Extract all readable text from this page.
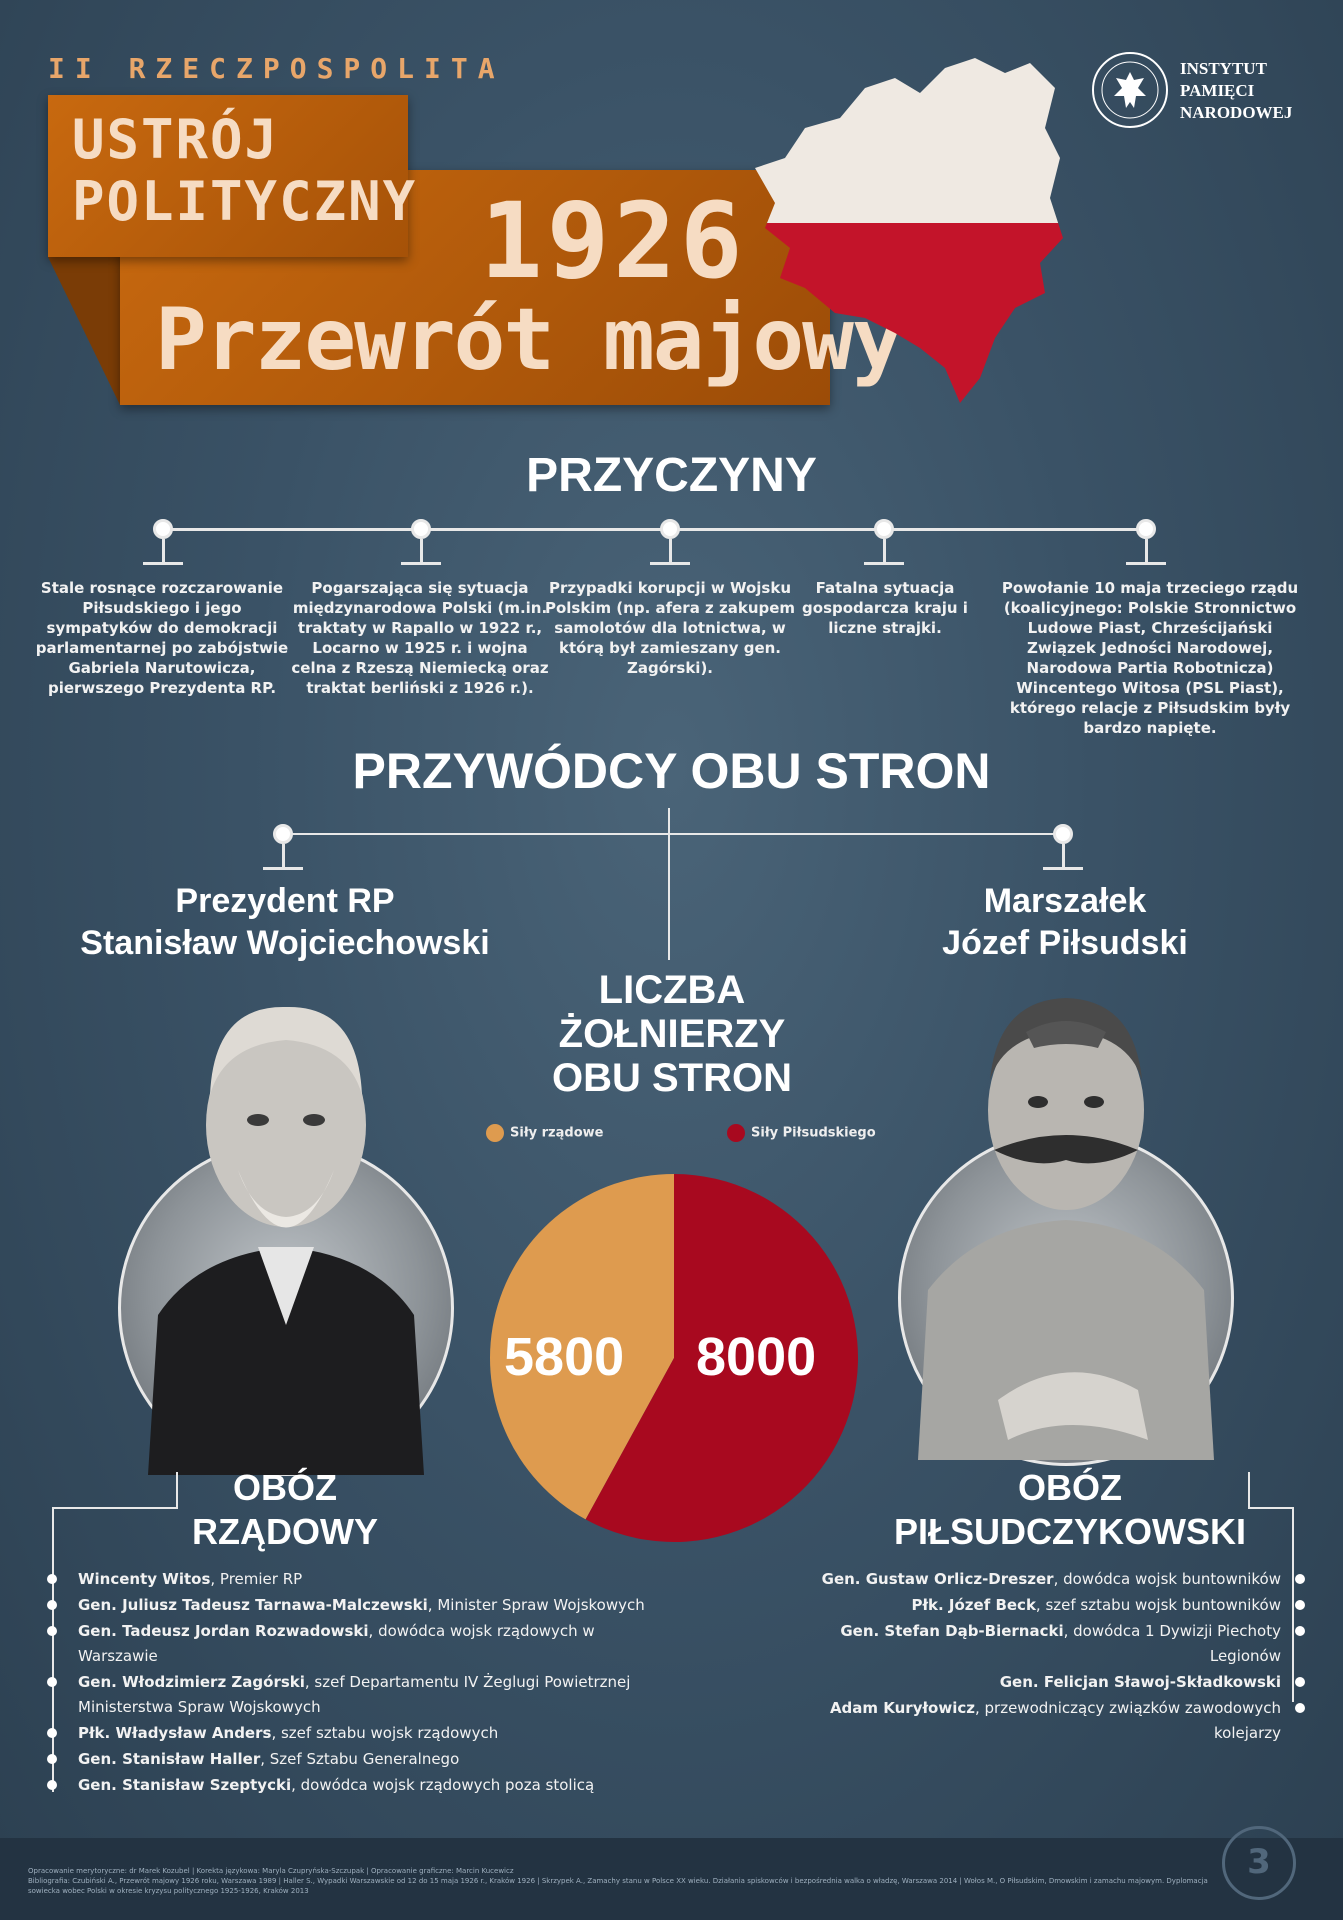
II RZECZPOSPOLITA
USTRÓJ
POLITYCZNY 1926
Przewrót majowy
INSTYTUT
PAMIĘCI
NARODOWEJ
PRZYCZYNY
Stale rosnące rozczarowanie Piłsudskiego i jego sympatyków do demokracji parlamentarnej po zabójstwie Gabriela Narutowicza, pierwszego Prezydenta RP.
Pogarszająca się sytuacja międzynarodowa Polski (m.in. traktaty w Rapallo w 1922 r., Locarno w 1925 r. i wojna celna z Rzeszą Niemiecką oraz traktat berliński z 1926 r.).
Przypadki korupcji w Wojsku Polskim (np. afera z zakupem samolotów dla lotnictwa, w którą był zamieszany gen. Zagórski).
Fatalna sytuacja gospodarcza kraju i liczne strajki.
Powołanie 10 maja trzeciego rządu (koalicyjnego: Polskie Stronnictwo Ludowe Piast, Chrześcijański Związek Jedności Narodowej, Narodowa Partia Robotnicza) Wincentego Witosa (PSL Piast), którego relacje z Piłsudskim były bardzo napięte.
PRZYWÓDCY OBU STRON
Prezydent RP
Stanisław Wojciechowski
Marszałek
Józef Piłsudski
LICZBA
ŻOŁNIERZY
OBU STRON
Siły rządowe	Siły Piłsudskiego
5800 8000
OBÓZ
RZĄDOWY
Wincenty Witos, Premier RP
Gen. Juliusz Tadeusz Tarnawa-Malczewski, Minister Spraw Wojskowych
Gen. Tadeusz Jordan Rozwadowski, dowódca wojsk rządowych w Warszawie
Gen. Włodzimierz Zagórski, szef Departamentu IV Żeglugi Powietrznej Ministerstwa Spraw Wojskowych
Płk. Władysław Anders, szef sztabu wojsk rządowych
Gen. Stanisław Haller, Szef Sztabu Generalnego
Gen. Stanisław Szeptycki, dowódca wojsk rządowych poza stolicą
OBÓZ
PIŁSUDCZYKOWSKI
Gen. Gustaw Orlicz-Dreszer, dowódca wojsk buntowników
Płk. Józef Beck, szef sztabu wojsk buntowników
Gen. Stefan Dąb-Biernacki, dowódca 1 Dywizji Piechoty Legionów
Gen. Felicjan Sławoj-Składkowski
Adam Kuryłowicz, przewodniczący związków zawodowych kolejarzy
Opracowanie merytoryczne: dr Marek Kozubel | Korekta językowa: Maryla Czupryńska-Szczupak | Opracowanie graficzne: Marcin Kucewicz
Bibliografia: Czubiński A., Przewrót majowy 1926 roku, Warszawa 1989 | Haller S., Wypadki Warszawskie od 12 do 15 maja 1926 r., Kraków 1926 | Skrzypek A., Zamachy stanu w Polsce XX wieku. Działania spiskowców i bezpośrednia walka o władzę, Warszawa 2014 | Wołos M., O Piłsudskim, Dmowskim i zamachu majowym. Dyplomacja sowiecka wobec Polski w okresie kryzysu politycznego 1925-1926, Kraków 2013
3
